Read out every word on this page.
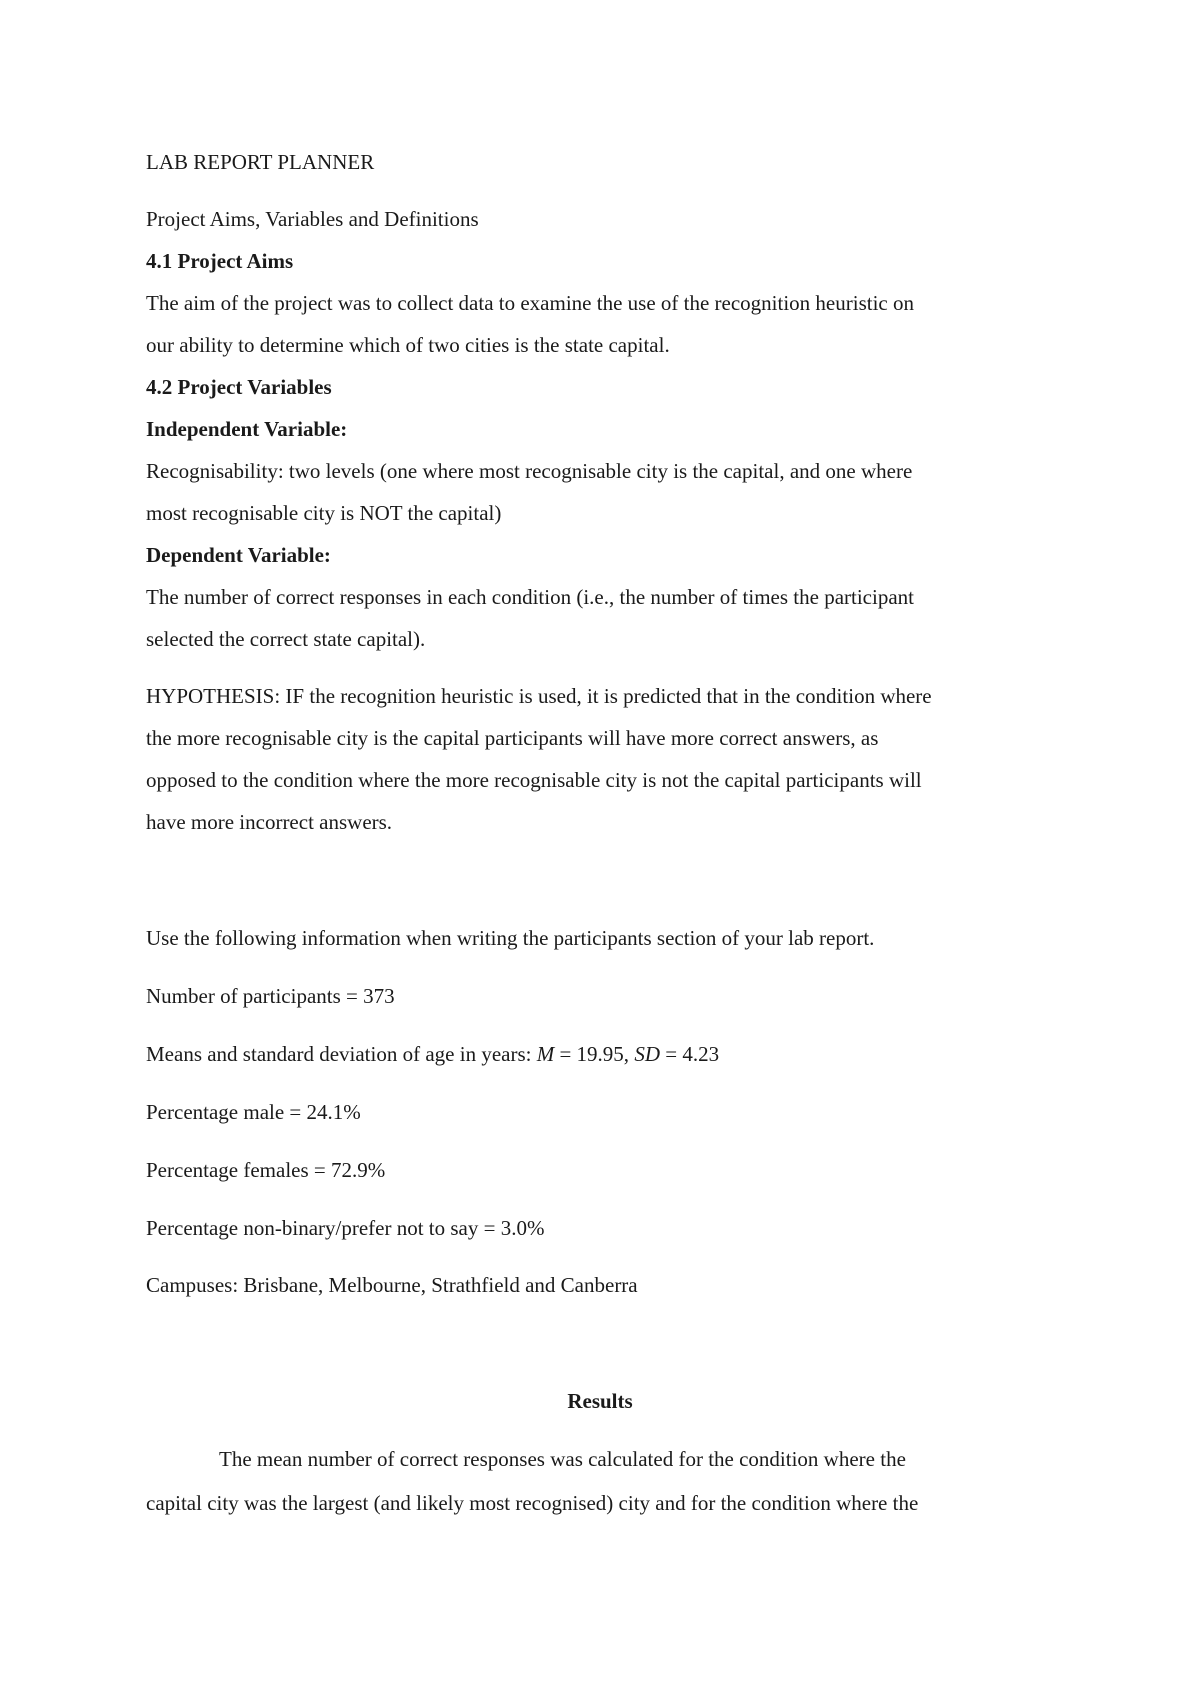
LAB REPORT PLANNER
Project Aims, Variables and Definitions
4.1 Project Aims
The aim of the project was to collect data to examine the use of the recognition heuristic on
our ability to determine which of two cities is the state capital.
4.2 Project Variables
Independent Variable:
Recognisability: two levels (one where most recognisable city is the capital, and one where
most recognisable city is NOT the capital)
Dependent Variable:
The number of correct responses in each condition (i.e., the number of times the participant
selected the correct state capital).
HYPOTHESIS: IF the recognition heuristic is used, it is predicted that in the condition where
the more recognisable city is the capital participants will have more correct answers, as
opposed to the condition where the more recognisable city is not the capital participants will
have more incorrect answers.
Use the following information when writing the participants section of your lab report.
Number of participants = 373
Means and standard deviation of age in years: M = 19.95, SD = 4.23
Percentage male = 24.1%
Percentage females = 72.9%
Percentage non-binary/prefer not to say = 3.0%
Campuses: Brisbane, Melbourne, Strathfield and Canberra
Results
The mean number of correct responses was calculated for the condition where the
capital city was the largest (and likely most recognised) city and for the condition where the
